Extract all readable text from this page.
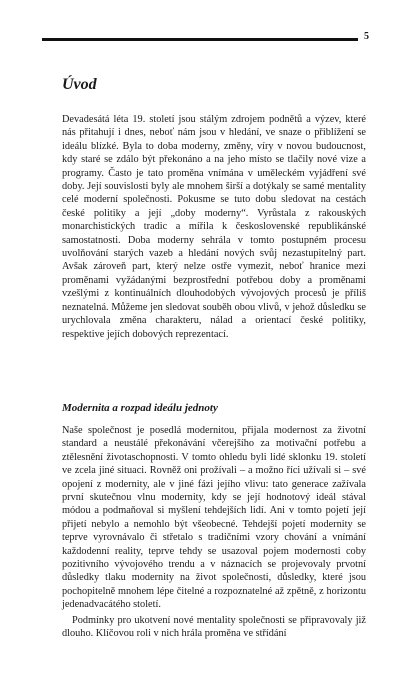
5
Úvod

Devadesátá léta 19. století jsou stálým zdrojem podnětů a výzev, které nás přitahují i dnes, neboť nám jsou v hledání, ve snaze o přiblížení se ideálu blízké. Byla to doba moderny, změny, víry v novou budoucnost, kdy staré se zdálo být překonáno a na jeho místo se tlačily nové vize a programy. Často je tato proměna vnímána v uměleckém vyjádření své doby. Její souvislosti byly ale mnohem širší a dotýkaly se samé mentality celé moderní společnosti. Pokusme se tuto dobu sledovat na cestách české politiky a její „doby moderny“. Vyrůstala z rakouských monarchistických tradic a mířila k československé republikánské samostatnosti. Doba moderny sehrála v tomto postupném procesu uvolňování starých vazeb a hledání nových svůj nezastupitelný part. Avšak zároveň part, který nelze ostře vymezit, neboť hranice mezi proměnami vyžádanými bezprostřední potřebou doby a proměnami vzešlými z kontinuálních dlouhodobých vývojových procesů je příliš neznatelná. Můžeme jen sledovat souběh obou vlivů, v jehož důsledku se urychlovala změna charakteru, nálad a orientací české politiky, respektive jejích dobových reprezentací.

Modernita a rozpad ideálu jednoty

Naše společnost je posedlá modernitou, přijala modernost za životní standard a neustálé překonávání včerejšího za motivační potřebu a ztělesnění životaschopnosti. V tomto ohledu byli lidé sklonku 19. století ve zcela jiné situaci. Rovněž oni prožívali – a možno říci užívali si – své opojení z modernity, ale v jiné fázi jejího vlivu: tato generace zažívala první skutečnou vlnu modernity, kdy se její hodnotový ideál stával módou a podmaňoval si myšlení tehdejších lidí. Ani v tomto pojetí její přijetí nebylo a nemohlo být všeobecné. Tehdejší pojetí modernity se teprve vyrovnávalo či střetalo s tradičními vzory chování a vnímání každodenní reality, teprve tehdy se usazoval pojem modernosti coby pozitivního vývojového trendu a v náznacích se projevovaly prvotní důsledky tlaku modernity na život společnosti, důsledky, které jsou pochopitelně mnohem lépe čitelné a rozpoznatelné až zpětně, z horizontu jedenadvacátého století.

Podmínky pro ukotvení nové mentality společnosti se připravovaly již dlouho. Klíčovou roli v nich hrála proměna ve střídání
